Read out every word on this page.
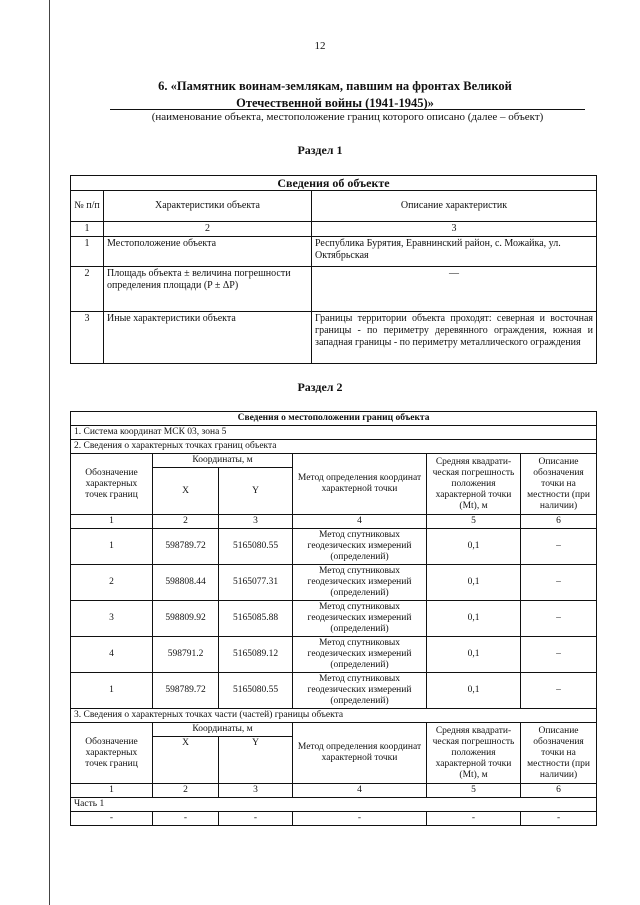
12
6. «Памятник воинам-землякам, павшим на фронтах Великой
Отечественной войны (1941-1945)»
(наименование объекта, местоположение границ которого описано (далее – объект)
Раздел 1
Сведения об объекте		
№ п/п	Характеристики объекта	Описание характеристик
1	2	3
1	Местоположение объекта	Республика Бурятия, Еравнинский район, с. Можайка, ул. Октябрьская
2	Площадь объекта ± величина погрешности определения площади (P ± ΔP)	—
3	Иные характеристики объекта	Границы территории объекта проходят: северная и восточная границы - по периметру деревянного ограждения, южная и западная границы - по периметру металлического ограждения
Раздел 2
Сведения о местоположении границ объекта					
1. Система координат МСК 03, зона 5					
2. Сведения о характерных точках границ объекта					
Обозначение характерных точек границ	Координаты, м		Метод определения координат характерной точки	Средняя квадрати-ческая погрешность положения характерной точки (Mt), м	Описание обозначения точки на местности (при наличии)
	X	Y			
1	2	3	4	5	6
1	598789.72	5165080.55	Метод спутниковых геодезических измерений (определений)	0,1	–
2	598808.44	5165077.31	Метод спутниковых геодезических измерений (определений)	0,1	–
3	598809.92	5165085.88	Метод спутниковых геодезических измерений (определений)	0,1	–
4	598791.2	5165089.12	Метод спутниковых геодезических измерений (определений)	0,1	–
1	598789.72	5165080.55	Метод спутниковых геодезических измерений (определений)	0,1	–
3. Сведения о характерных точках части (частей) границы объекта					
Обозначение характерных точек границ	Координаты, м		Метод определения координат характерной точки	Средняя квадрати-ческая погрешность положения характерной точки (Mt), м	Описание обозначения точки на местности (при наличии)
	X	Y			
1	2	3	4	5	6
Часть 1					
-	-	-	-	-	-
